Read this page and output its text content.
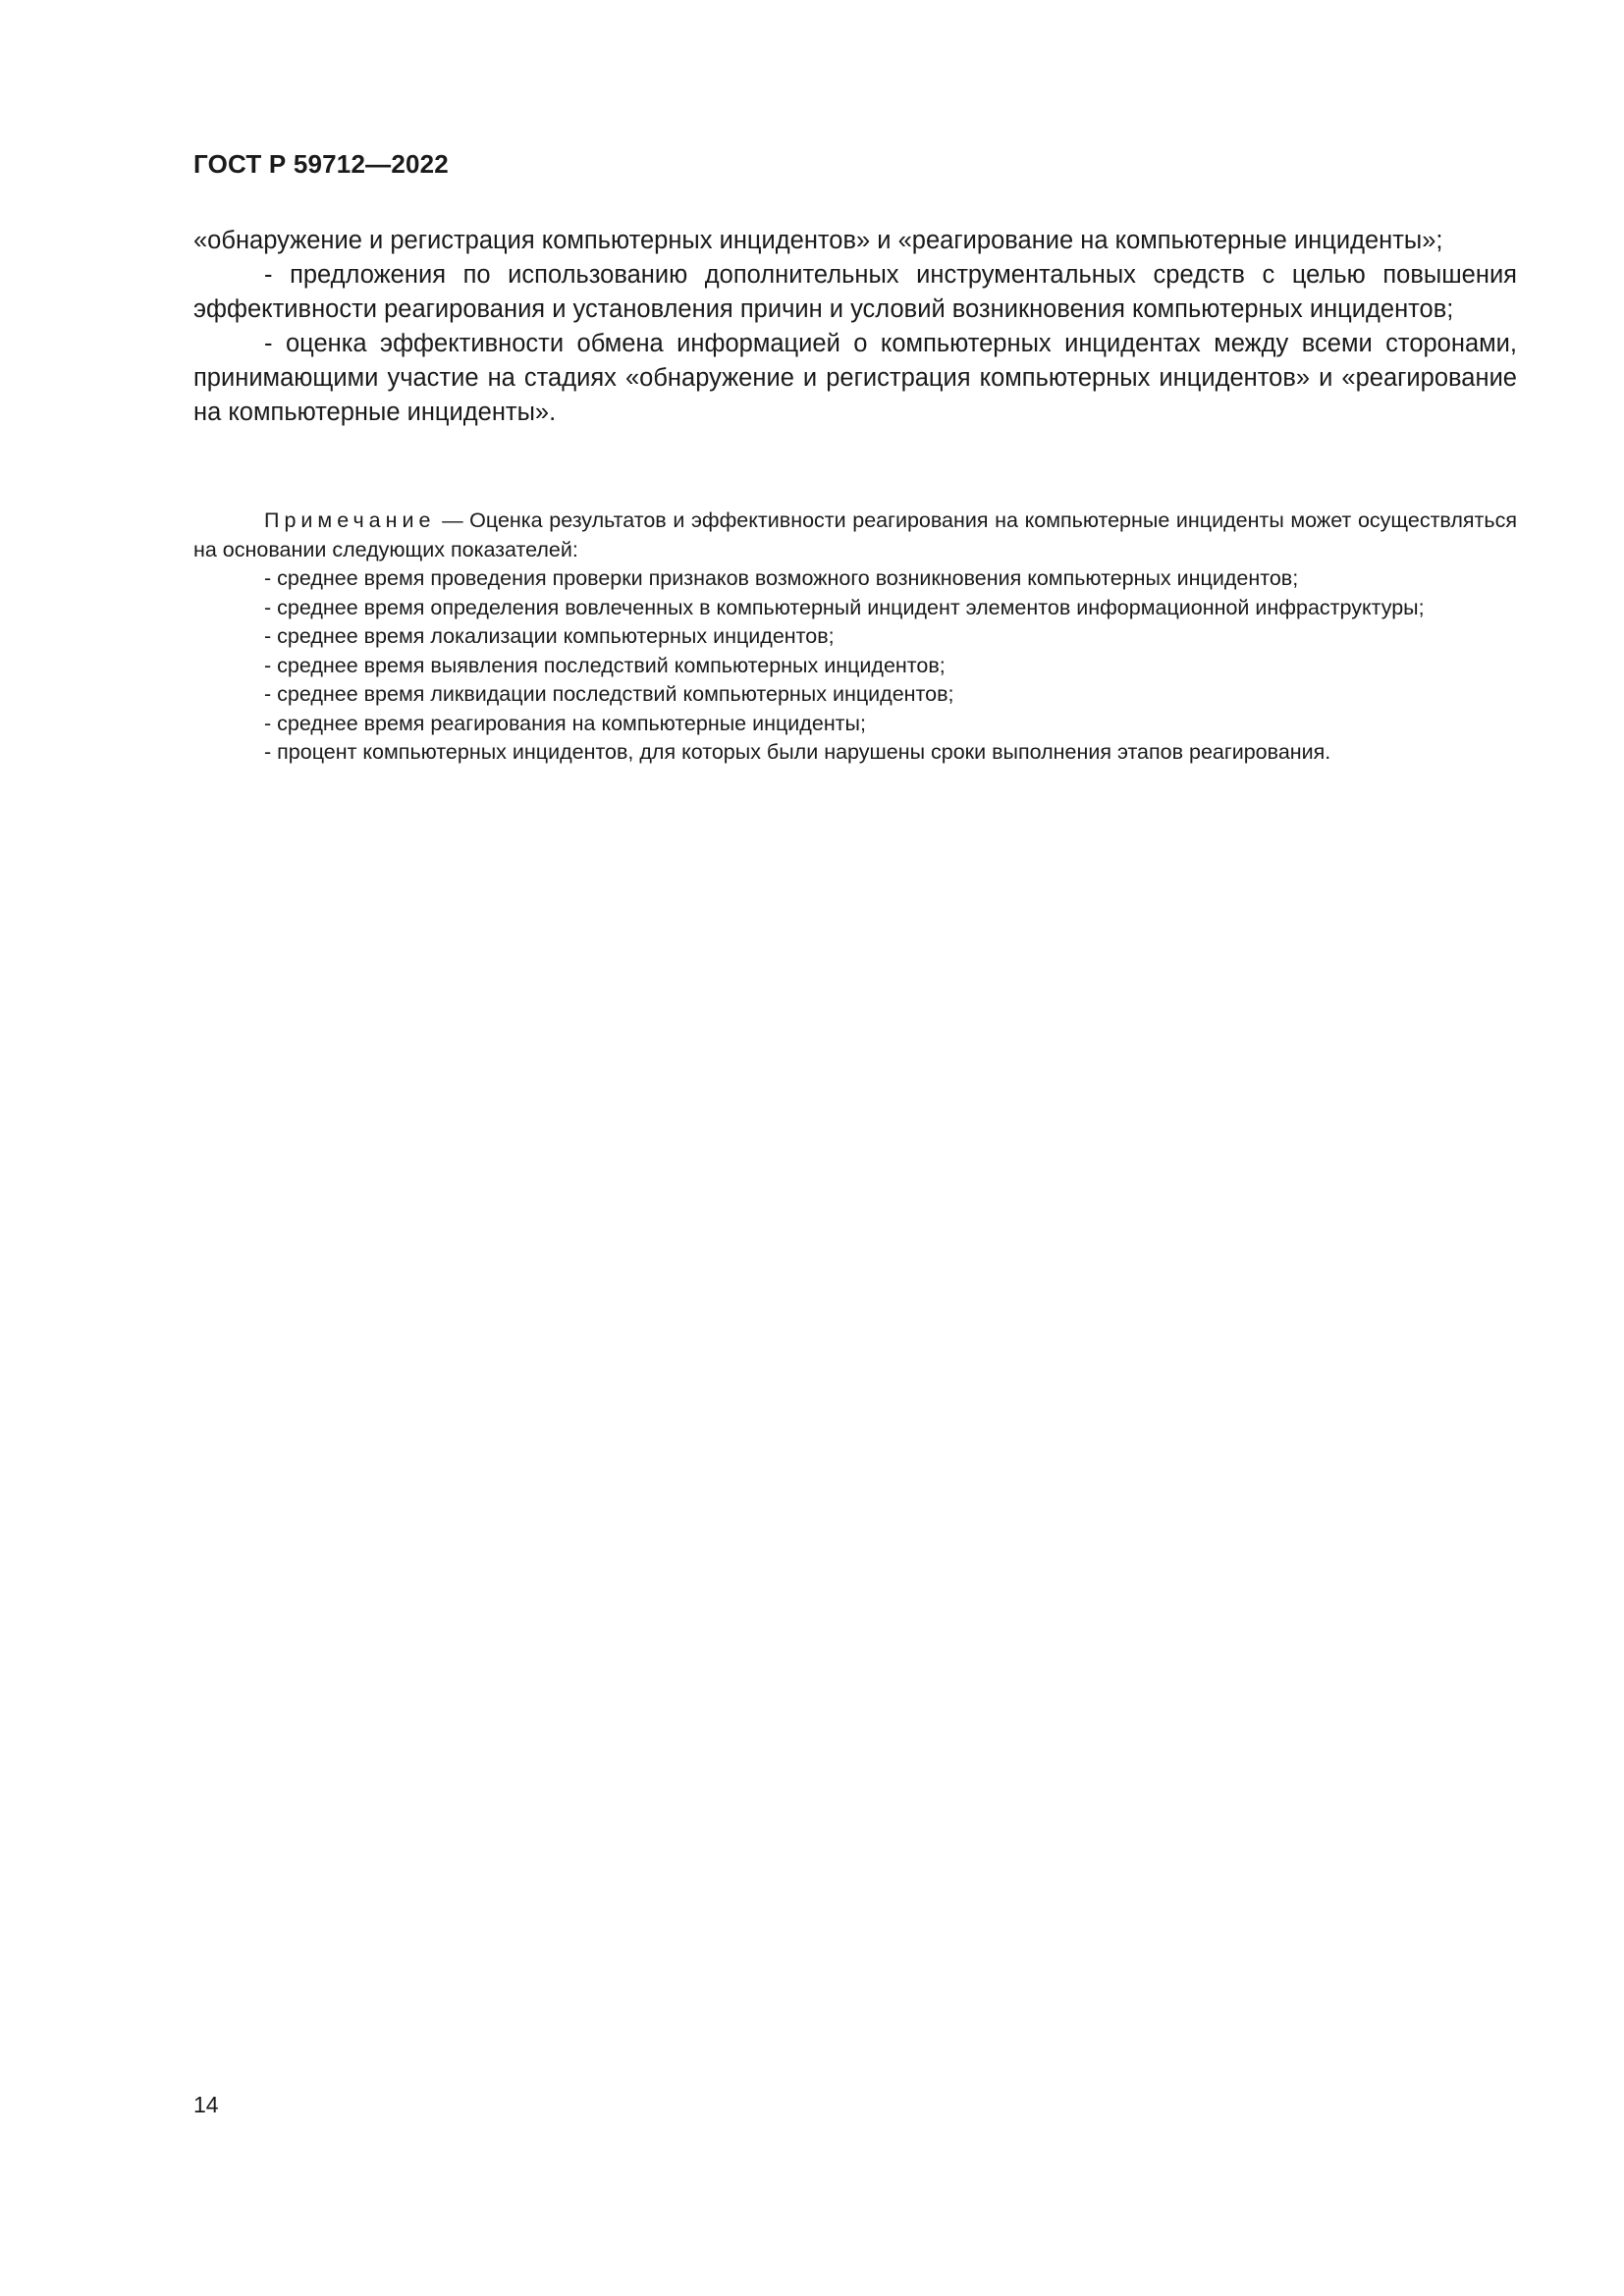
ГОСТ Р 59712—2022

«обнаружение и регистрация компьютерных инцидентов» и «реагирование на компьютерные инциденты»;

- предложения по использованию дополнительных инструментальных средств с целью повышения эффективности реагирования и установления причин и условий возникновения компьютерных инцидентов;

- оценка эффективности обмена информацией о компьютерных инцидентах между всеми сторонами, принимающими участие на стадиях «обнаружение и регистрация компьютерных инцидентов» и «реагирование на компьютерные инциденты».

Примечание — Оценка результатов и эффективности реагирования на компьютерные инциденты может осуществляться на основании следующих показателей:

- среднее время проведения проверки признаков возможного возникновения компьютерных инцидентов;

- среднее время определения вовлеченных в компьютерный инцидент элементов информационной инфраструктуры;

- среднее время локализации компьютерных инцидентов;

- среднее время выявления последствий компьютерных инцидентов;

- среднее время ликвидации последствий компьютерных инцидентов;

- среднее время реагирования на компьютерные инциденты;

- процент компьютерных инцидентов, для которых были нарушены сроки выполнения этапов реагирования.

14
